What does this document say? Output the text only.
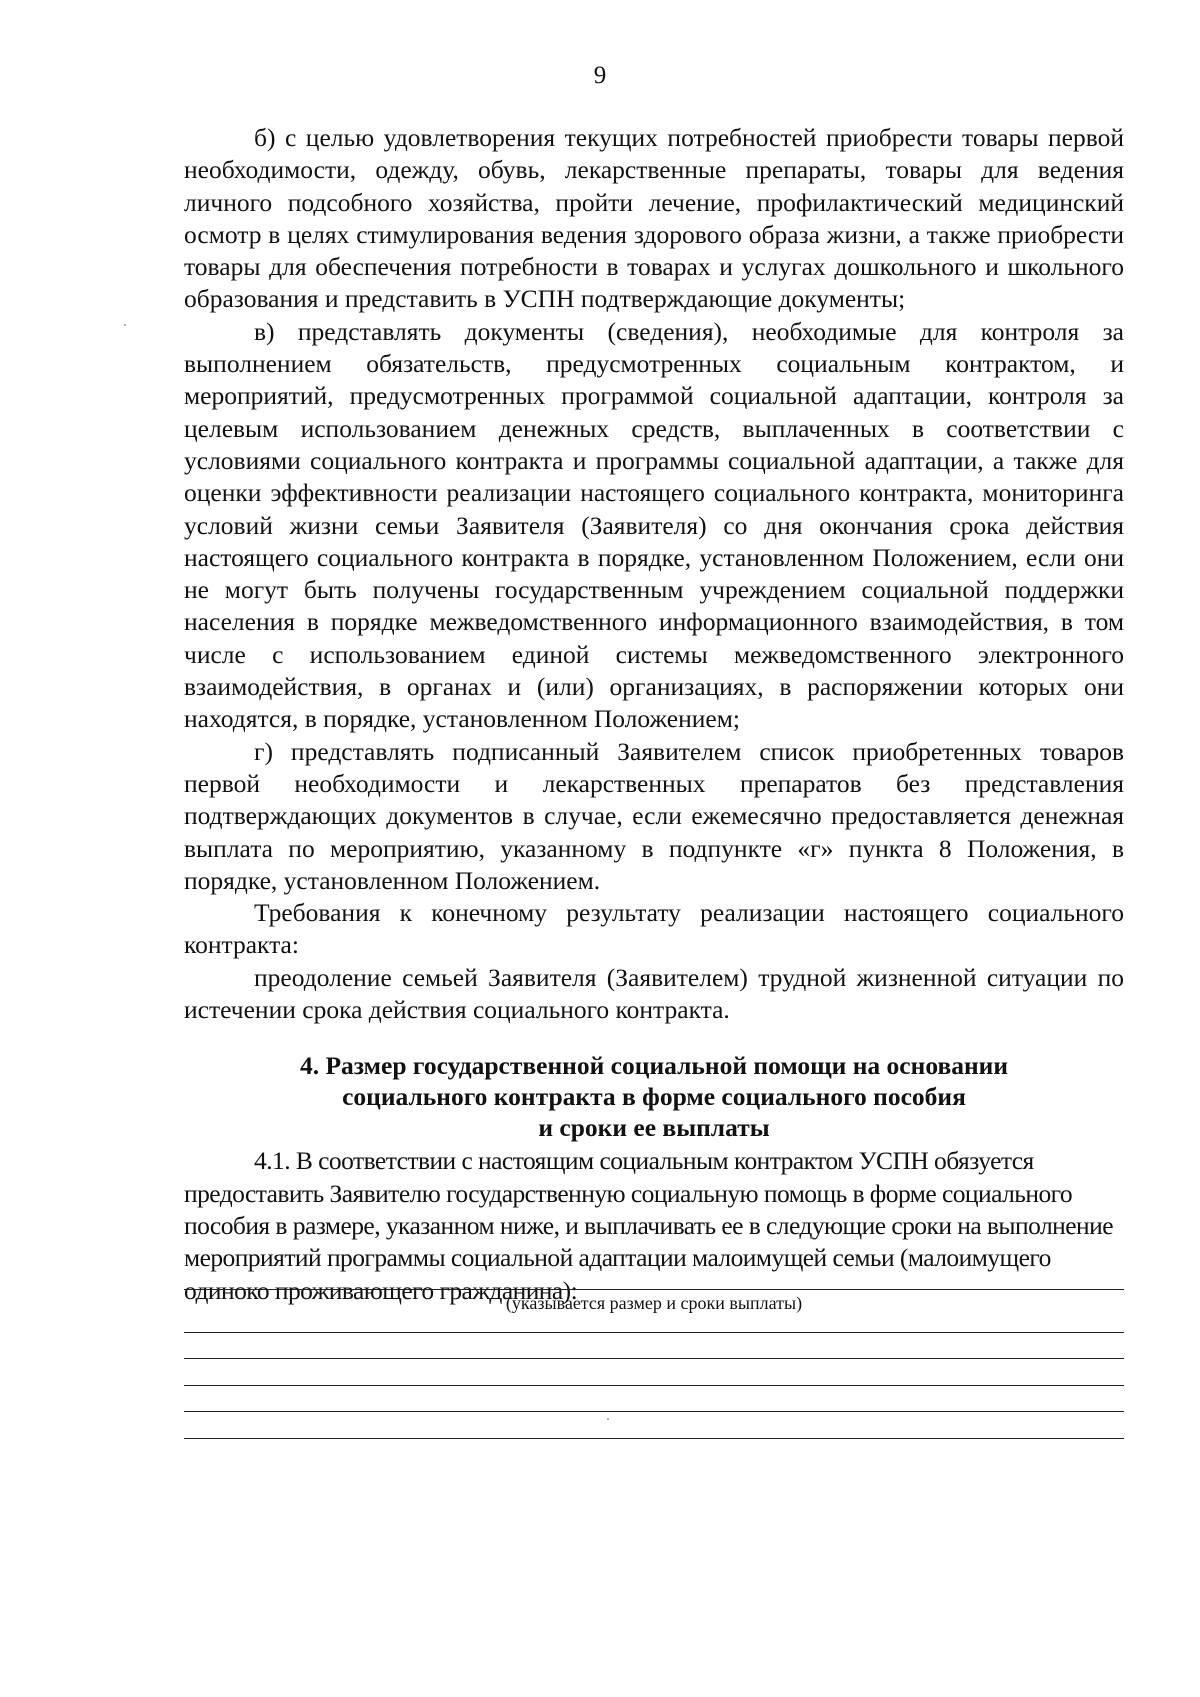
9

б) с целью удовлетворения текущих потребностей приобрести товары первой необходимости, одежду, обувь, лекарственные препараты, товары для ведения личного подсобного хозяйства, пройти лечение, профилактический медицинский осмотр в целях стимулирования ведения здорового образа жизни, а также приобрести товары для обеспечения потребности в товарах и услугах дошкольного и школьного образования и представить в УСПН подтверждающие документы;

в) представлять документы (сведения), необходимые для контроля за выполнением обязательств, предусмотренных социальным контрактом, и мероприятий, предусмотренных программой социальной адаптации, контроля за целевым использованием денежных средств, выплаченных в соответствии с условиями социального контракта и программы социальной адаптации, а также для оценки эффективности реализации настоящего социального контракта, мониторинга условий жизни семьи Заявителя (Заявителя) со дня окончания срока действия настоящего социального контракта в порядке, установленном Положением, если они не могут быть получены государственным учреждением социальной поддержки населения в порядке межведомственного информационного взаимодействия, в том числе с использованием единой системы межведомственного электронного взаимодействия, в органах и (или) организациях, в распоряжении которых они находятся, в порядке, установленном Положением;

г) представлять подписанный Заявителем список приобретенных товаров первой необходимости и лекарственных препаратов без представления подтверждающих документов в случае, если ежемесячно предоставляется денежная выплата по мероприятию, указанному в подпункте «г» пункта 8 Положения, в порядке, установленном Положением.

Требования к конечному результату реализации настоящего социального контракта:

преодоление семьей Заявителя (Заявителем) трудной жизненной ситуации по истечении срока действия социального контракта.

4. Размер государственной социальной помощи на основании
социального контракта в форме социального пособия
и сроки ее выплаты

4.1. В соответствии с настоящим социальным контрактом УСПН обязуется предоставить Заявителю государственную социальную помощь в форме социального пособия в размере, указанном ниже, и выплачивать ее в следующие сроки на выполнение мероприятий программы социальной адаптации малоимущей семьи (малоимущего одиноко проживающего гражданина):

(указывается размер и сроки выплаты)
